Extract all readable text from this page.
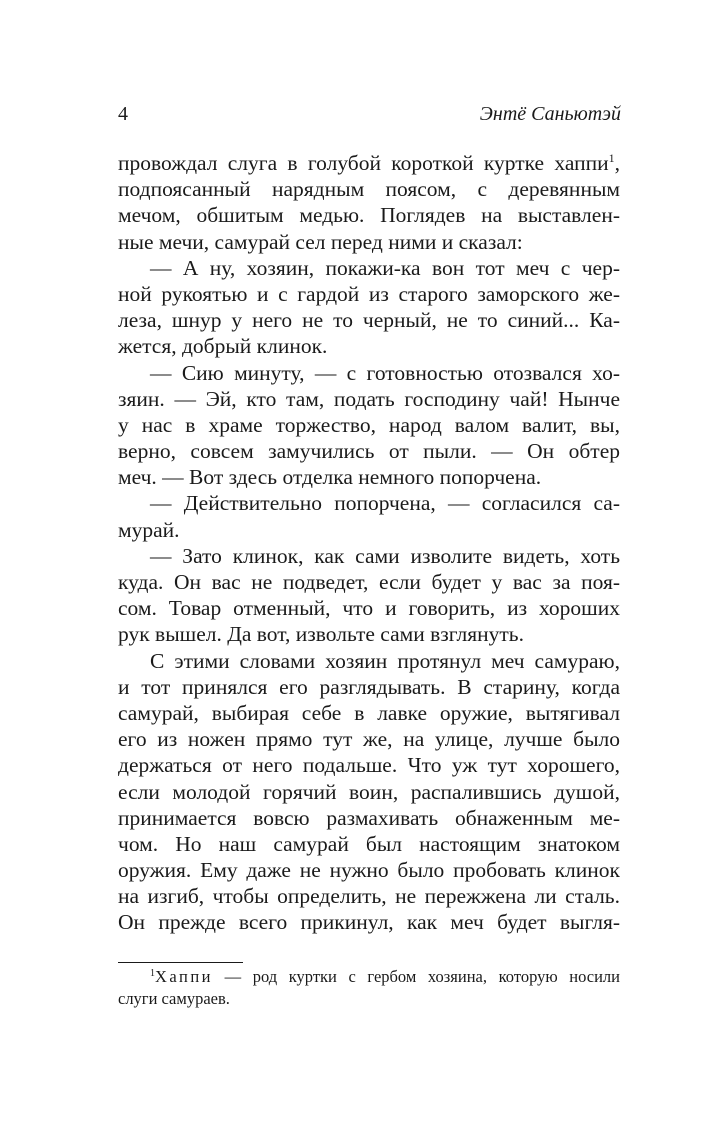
4	Энтё Саньютэй
провождал слуга в голубой короткой куртке хаппи$^1$,
подпоясанный нарядным поясом, с деревянным
мечом, обшитым медью. Поглядев на выставлен-
ные мечи, самурай сел перед ними и сказал:
— А ну, хозяин, покажи-ка вон тот меч с чер-
ной рукоятью и с гардой из старого заморского же-
леза, шнур у него не то черный, не то синий... Ка-
жется, добрый клинок.
— Сию минуту, — с готовностью отозвался хо-
зяин. — Эй, кто там, подать господину чай! Нынче
у нас в храме торжество, народ валом валит, вы,
верно, совсем замучились от пыли. — Он обтер
меч. — Вот здесь отделка немного попорчена.
— Действительно попорчена, — согласился са-
мурай.
— Зато клинок, как сами изволите видеть, хоть
куда. Он вас не подведет, если будет у вас за поя-
сом. Товар отменный, что и говорить, из хороших
рук вышел. Да вот, извольте сами взглянуть.
С этими словами хозяин протянул меч самураю,
и тот принялся его разглядывать. В старину, когда
самурай, выбирая себе в лавке оружие, вытягивал
его из ножен прямо тут же, на улице, лучше было
держаться от него подальше. Что уж тут хорошего,
если молодой горячий воин, распалившись душой,
принимается вовсю размахивать обнаженным ме-
чом. Но наш самурай был настоящим знатоком
оружия. Ему даже не нужно было пробовать клинок
на изгиб, чтобы определить, не пережжена ли сталь.
Он прежде всего прикинул, как меч будет выгля-
$^1$Хаппи — род куртки с гербом хозяина, которую носили
слуги самураев.
